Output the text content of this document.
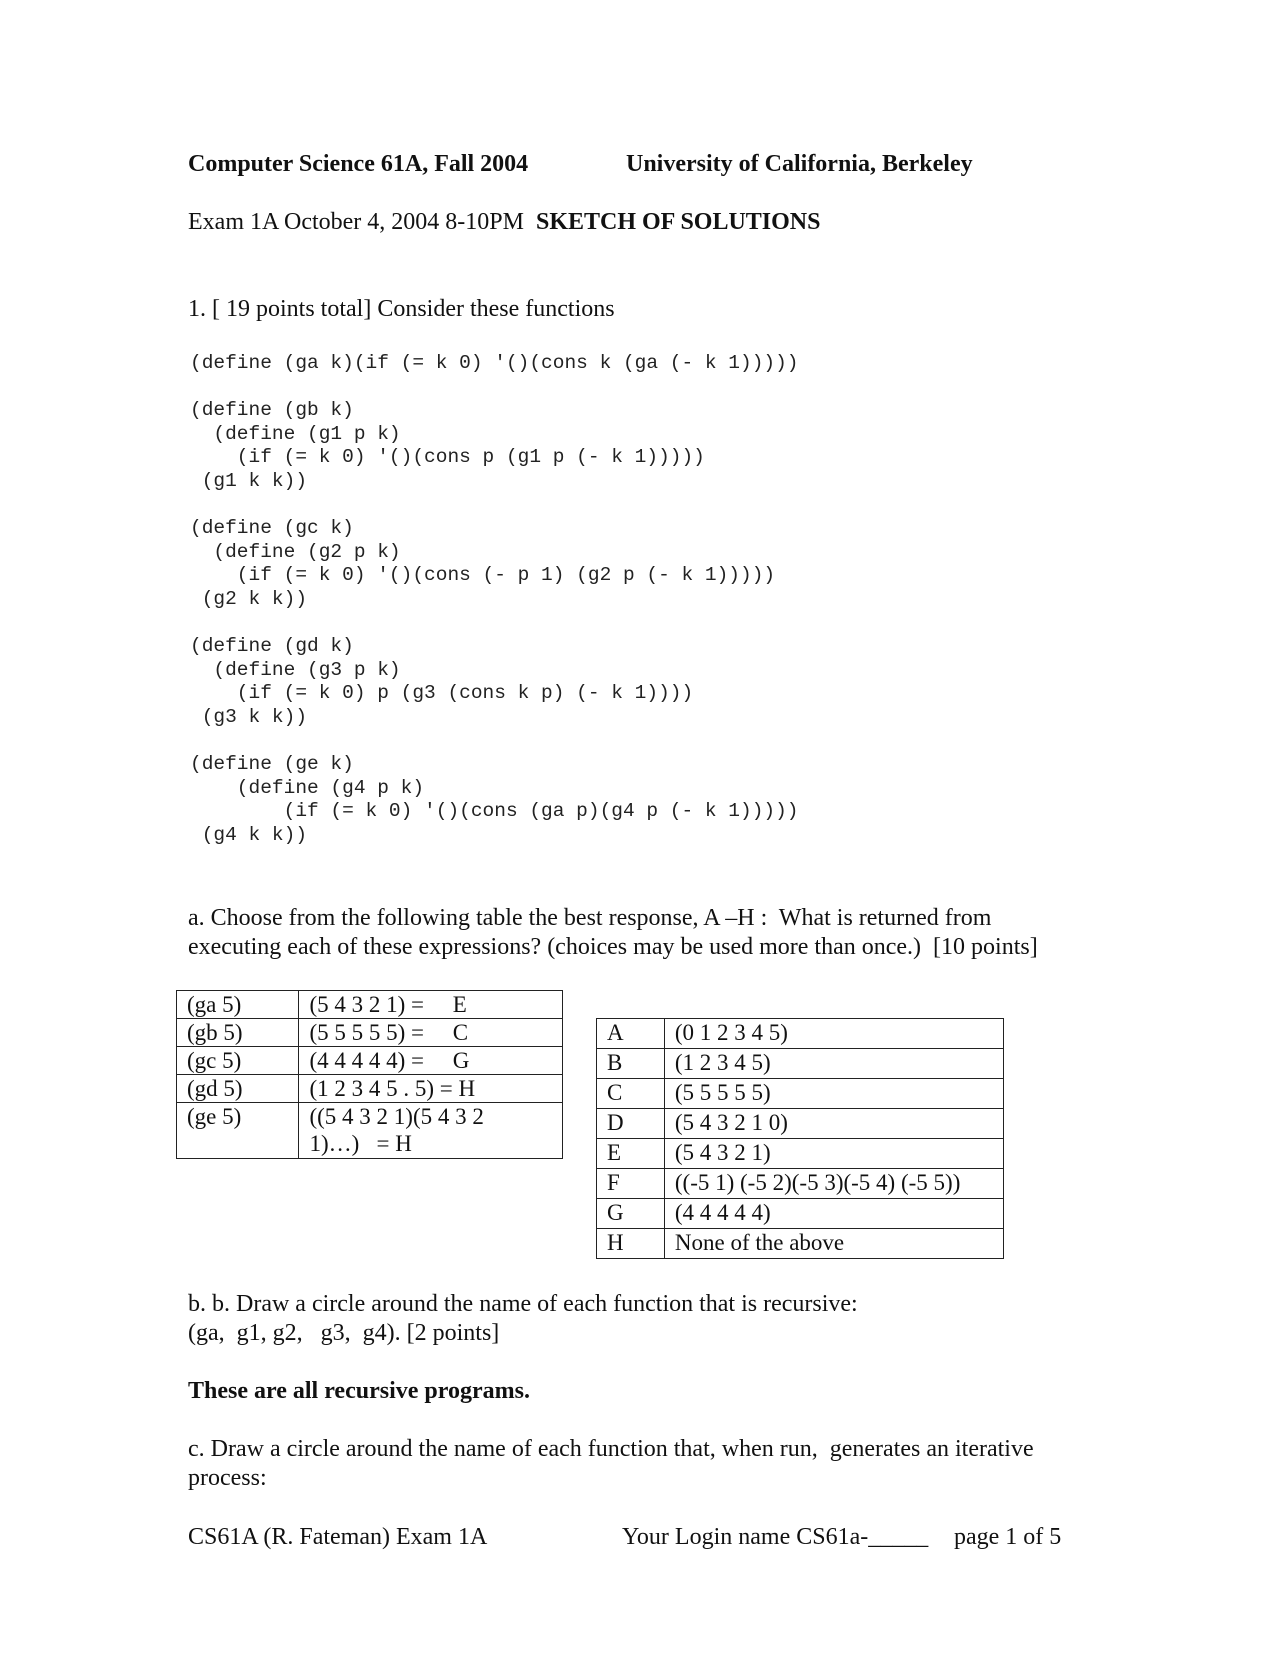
Computer Science 61A, Fall 2004	University of California, Berkeley
Exam 1A October 4, 2004 8-10PM SKETCH OF SOLUTIONS
1. [ 19 points total] Consider these functions
(define (ga k)(if (= k 0) '()(cons k (ga (- k 1)))))
(define (gb k)
(define (g1 p k)
(if (= k 0) '()(cons p (g1 p (- k 1)))))
(g1 k k))
(define (gc k)
(define (g2 p k)
(if (= k 0) '()(cons (- p 1) (g2 p (- k 1)))))
(g2 k k))
(define (gd k)
(define (g3 p k)
(if (= k 0) p (g3 (cons k p) (- k 1))))
(g3 k k))
(define (ge k)
(define (g4 p k)
(if (= k 0) '()(cons (ga p)(g4 p (- k 1)))))
(g4 k k))
a. Choose from the following table the best response, A –H :  What is returned from
executing each of these expressions? (choices may be used more than once.)  [10 points]
(ga 5)	(5 4 3 2 1) =     E
(gb 5)	(5 5 5 5 5) =     C
(gc 5)	(4 4 4 4 4) =     G
(gd 5)	(1 2 3 4 5 . 5) = H
(ge 5)	((5 4 3 2 1)(5 4 3 2
1)…)   = H
A	(0 1 2 3 4 5)
B	(1 2 3 4 5)
C	(5 5 5 5 5)
D	(5 4 3 2 1 0)
E	(5 4 3 2 1)
F	((-5 1) (-5 2)(-5 3)(-5 4) (-5 5))
G	(4 4 4 4 4)
H	None of the above
b. b. Draw a circle around the name of each function that is recursive:
(ga,  g1, g2,   g3,  g4). [2 points]
These are all recursive programs.
c. Draw a circle around the name of each function that, when run,  generates an iterative
process:
CS61A (R. Fateman) Exam 1A	Your Login name CS61a-_____ page 1 of 5
